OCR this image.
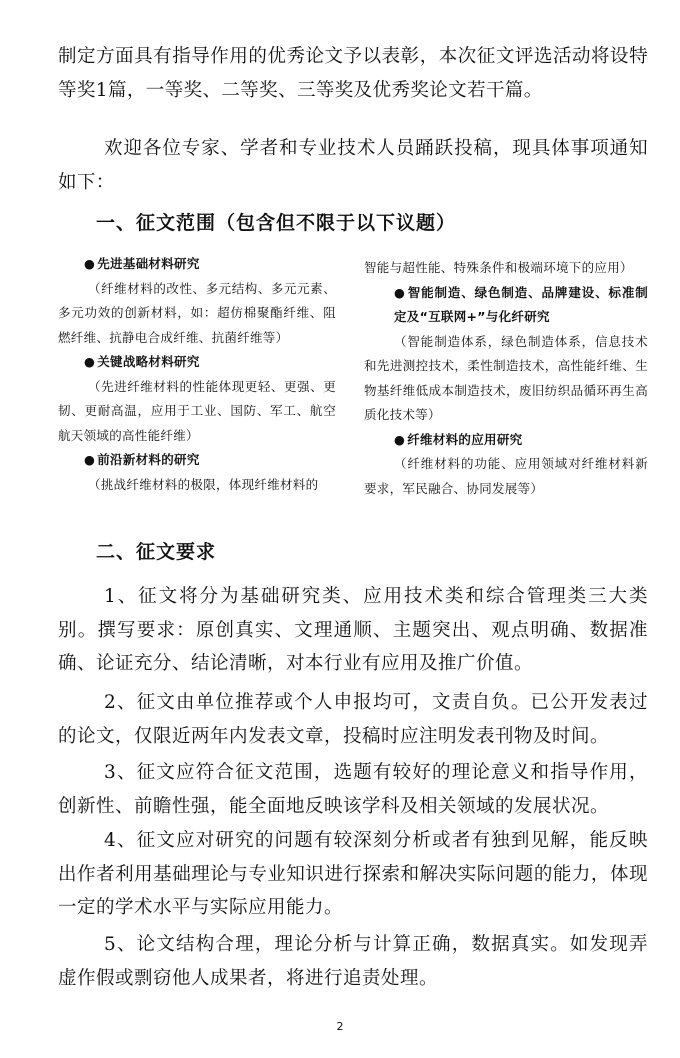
制定方面具有指导作用的优秀论文予以表彰，本次征文评选活动将设特等奖1篇，一等奖、二等奖、三等奖及优秀奖论文若干篇。
欢迎各位专家、学者和专业技术人员踊跃投稿，现具体事项通知如下：
一、征文范围（包含但不限于以下议题）
● 先进基础材料研究
（纤维材料的改性、多元结构、多元元素、多元功效的创新材料，如：超仿棉聚酯纤维、阻燃纤维、抗静电合成纤维、抗菌纤维等）
● 关键战略材料研究
（先进纤维材料的性能体现更轻、更强、更韧、更耐高温，应用于工业、国防、军工、航空航天领域的高性能纤维）
● 前沿新材料的研究
（挑战纤维材料的极限，体现纤维材料的
智能与超性能、特殊条件和极端环境下的应用）
● 智能制造、绿色制造、品牌建设、标准制定及“互联网+”与化纤研究
（智能制造体系，绿色制造体系，信息技术和先进测控技术，柔性制造技术，高性能纤维、生物基纤维低成本制造技术，废旧纺织品循环再生高质化技术等）
● 纤维材料的应用研究
（纤维材料的功能、应用领域对纤维材料新要求，军民融合、协同发展等）
二、征文要求
1、征文将分为基础研究类、应用技术类和综合管理类三大类别。撰写要求：原创真实、文理通顺、主题突出、观点明确、数据准确、论证充分、结论清晰，对本行业有应用及推广价值。
2、征文由单位推荐或个人申报均可，文责自负。已公开发表过的论文，仅限近两年内发表文章，投稿时应注明发表刊物及时间。
3、征文应符合征文范围，选题有较好的理论意义和指导作用，创新性、前瞻性强，能全面地反映该学科及相关领域的发展状况。
4、征文应对研究的问题有较深刻分析或者有独到见解，能反映出作者利用基础理论与专业知识进行探索和解决实际问题的能力，体现一定的学术水平与实际应用能力。
5、论文结构合理，理论分析与计算正确，数据真实。如发现弄虚作假或剽窃他人成果者，将进行追责处理。
2
